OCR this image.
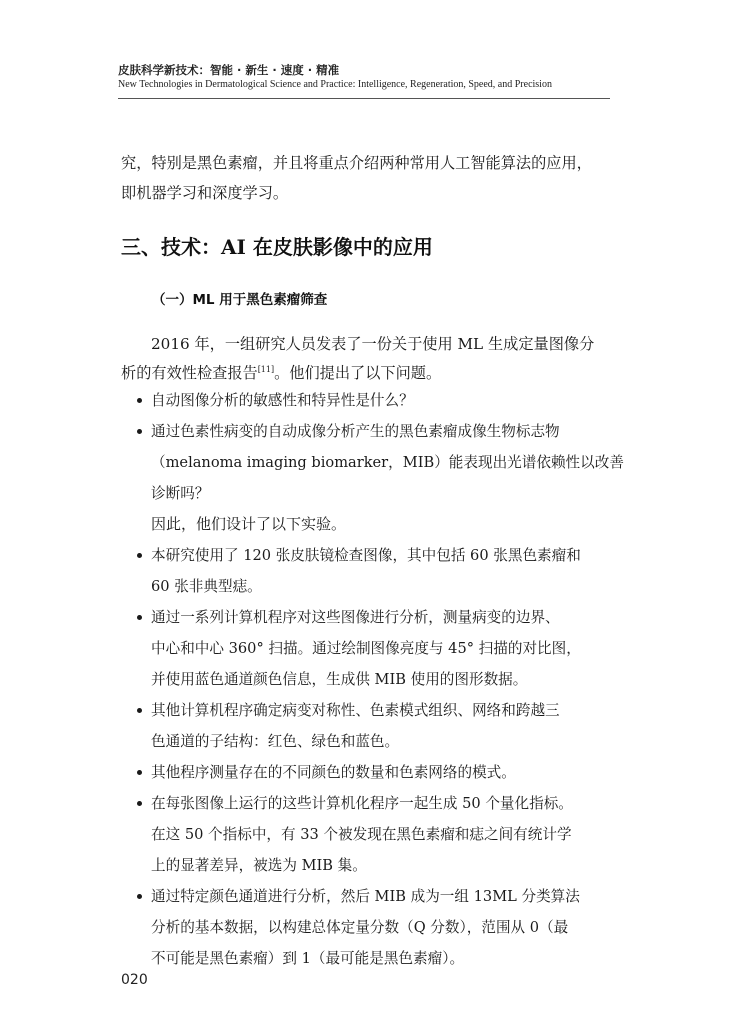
皮肤科学新技术：智能 · 新生 · 速度 · 精准
New Technologies in Dermatological Science and Practice: Intelligence, Regeneration, Speed, and Precision
究，特别是黑色素瘤，并且将重点介绍两种常用人工智能算法的应用，
即机器学习和深度学习。
三、技术：AI 在皮肤影像中的应用
（一）ML 用于黑色素瘤筛查
2016 年，一组研究人员发表了一份关于使用 ML 生成定量图像分
析的有效性检查报告[11]。他们提出了以下问题。
自动图像分析的敏感性和特异性是什么？
通过色素性病变的自动成像分析产生的黑色素瘤成像生物标志物
（melanoma imaging biomarker，MIB）能表现出光谱依赖性以改善
诊断吗？
因此，他们设计了以下实验。
本研究使用了 120 张皮肤镜检查图像，其中包括 60 张黑色素瘤和
60 张非典型痣。
通过一系列计算机程序对这些图像进行分析，测量病变的边界、
中心和中心 360° 扫描。通过绘制图像亮度与 45° 扫描的对比图，
并使用蓝色通道颜色信息，生成供 MIB 使用的图形数据。
其他计算机程序确定病变对称性、色素模式组织、网络和跨越三
色通道的子结构：红色、绿色和蓝色。
其他程序测量存在的不同颜色的数量和色素网络的模式。
在每张图像上运行的这些计算机化程序一起生成 50 个量化指标。
在这 50 个指标中，有 33 个被发现在黑色素瘤和痣之间有统计学
上的显著差异，被选为 MIB 集。
通过特定颜色通道进行分析，然后 MIB 成为一组 13ML 分类算法
分析的基本数据，以构建总体定量分数（Q 分数），范围从 0（最
不可能是黑色素瘤）到 1（最可能是黑色素瘤）。
020
